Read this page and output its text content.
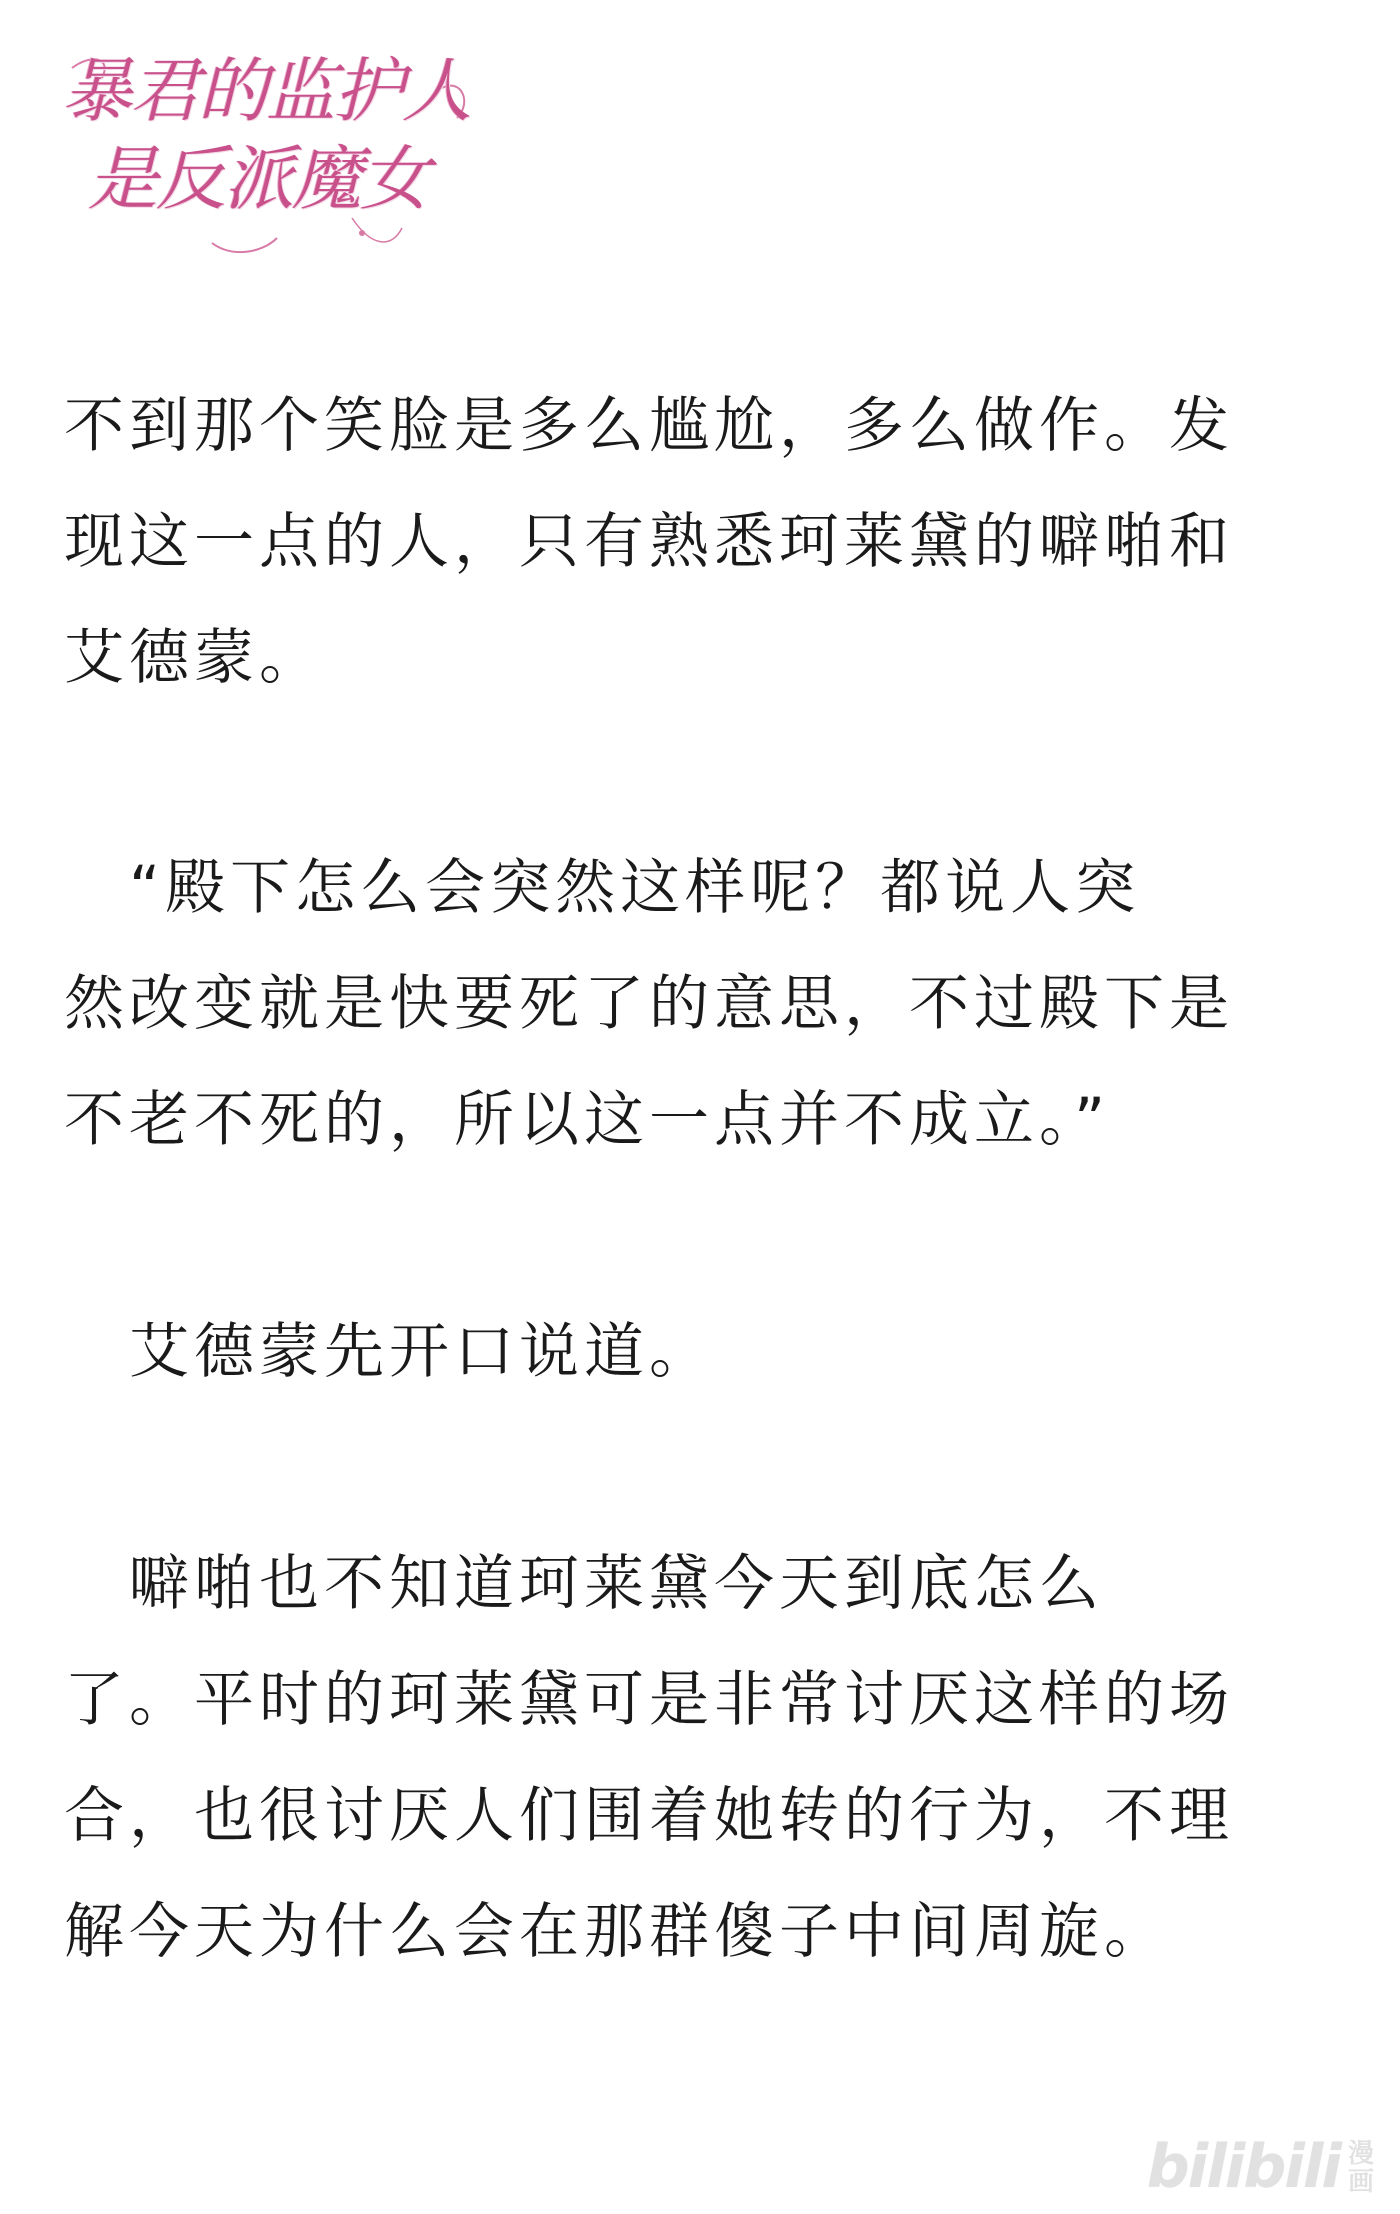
暴君的监护人
是反派魔女

不到那个笑脸是多么尴尬，多么做作。发
现这一点的人，只有熟悉珂莱黛的噼啪和
艾德蒙。

　“殿下怎么会突然这样呢？都说人突
然改变就是快要死了的意思，不过殿下是
不老不死的，所以这一点并不成立。”

　艾德蒙先开口说道。

　噼啪也不知道珂莱黛今天到底怎么
了。平时的珂莱黛可是非常讨厌这样的场
合，也很讨厌人们围着她转的行为，不理
解今天为什么会在那群傻子中间周旋。

bilibili 漫
画
